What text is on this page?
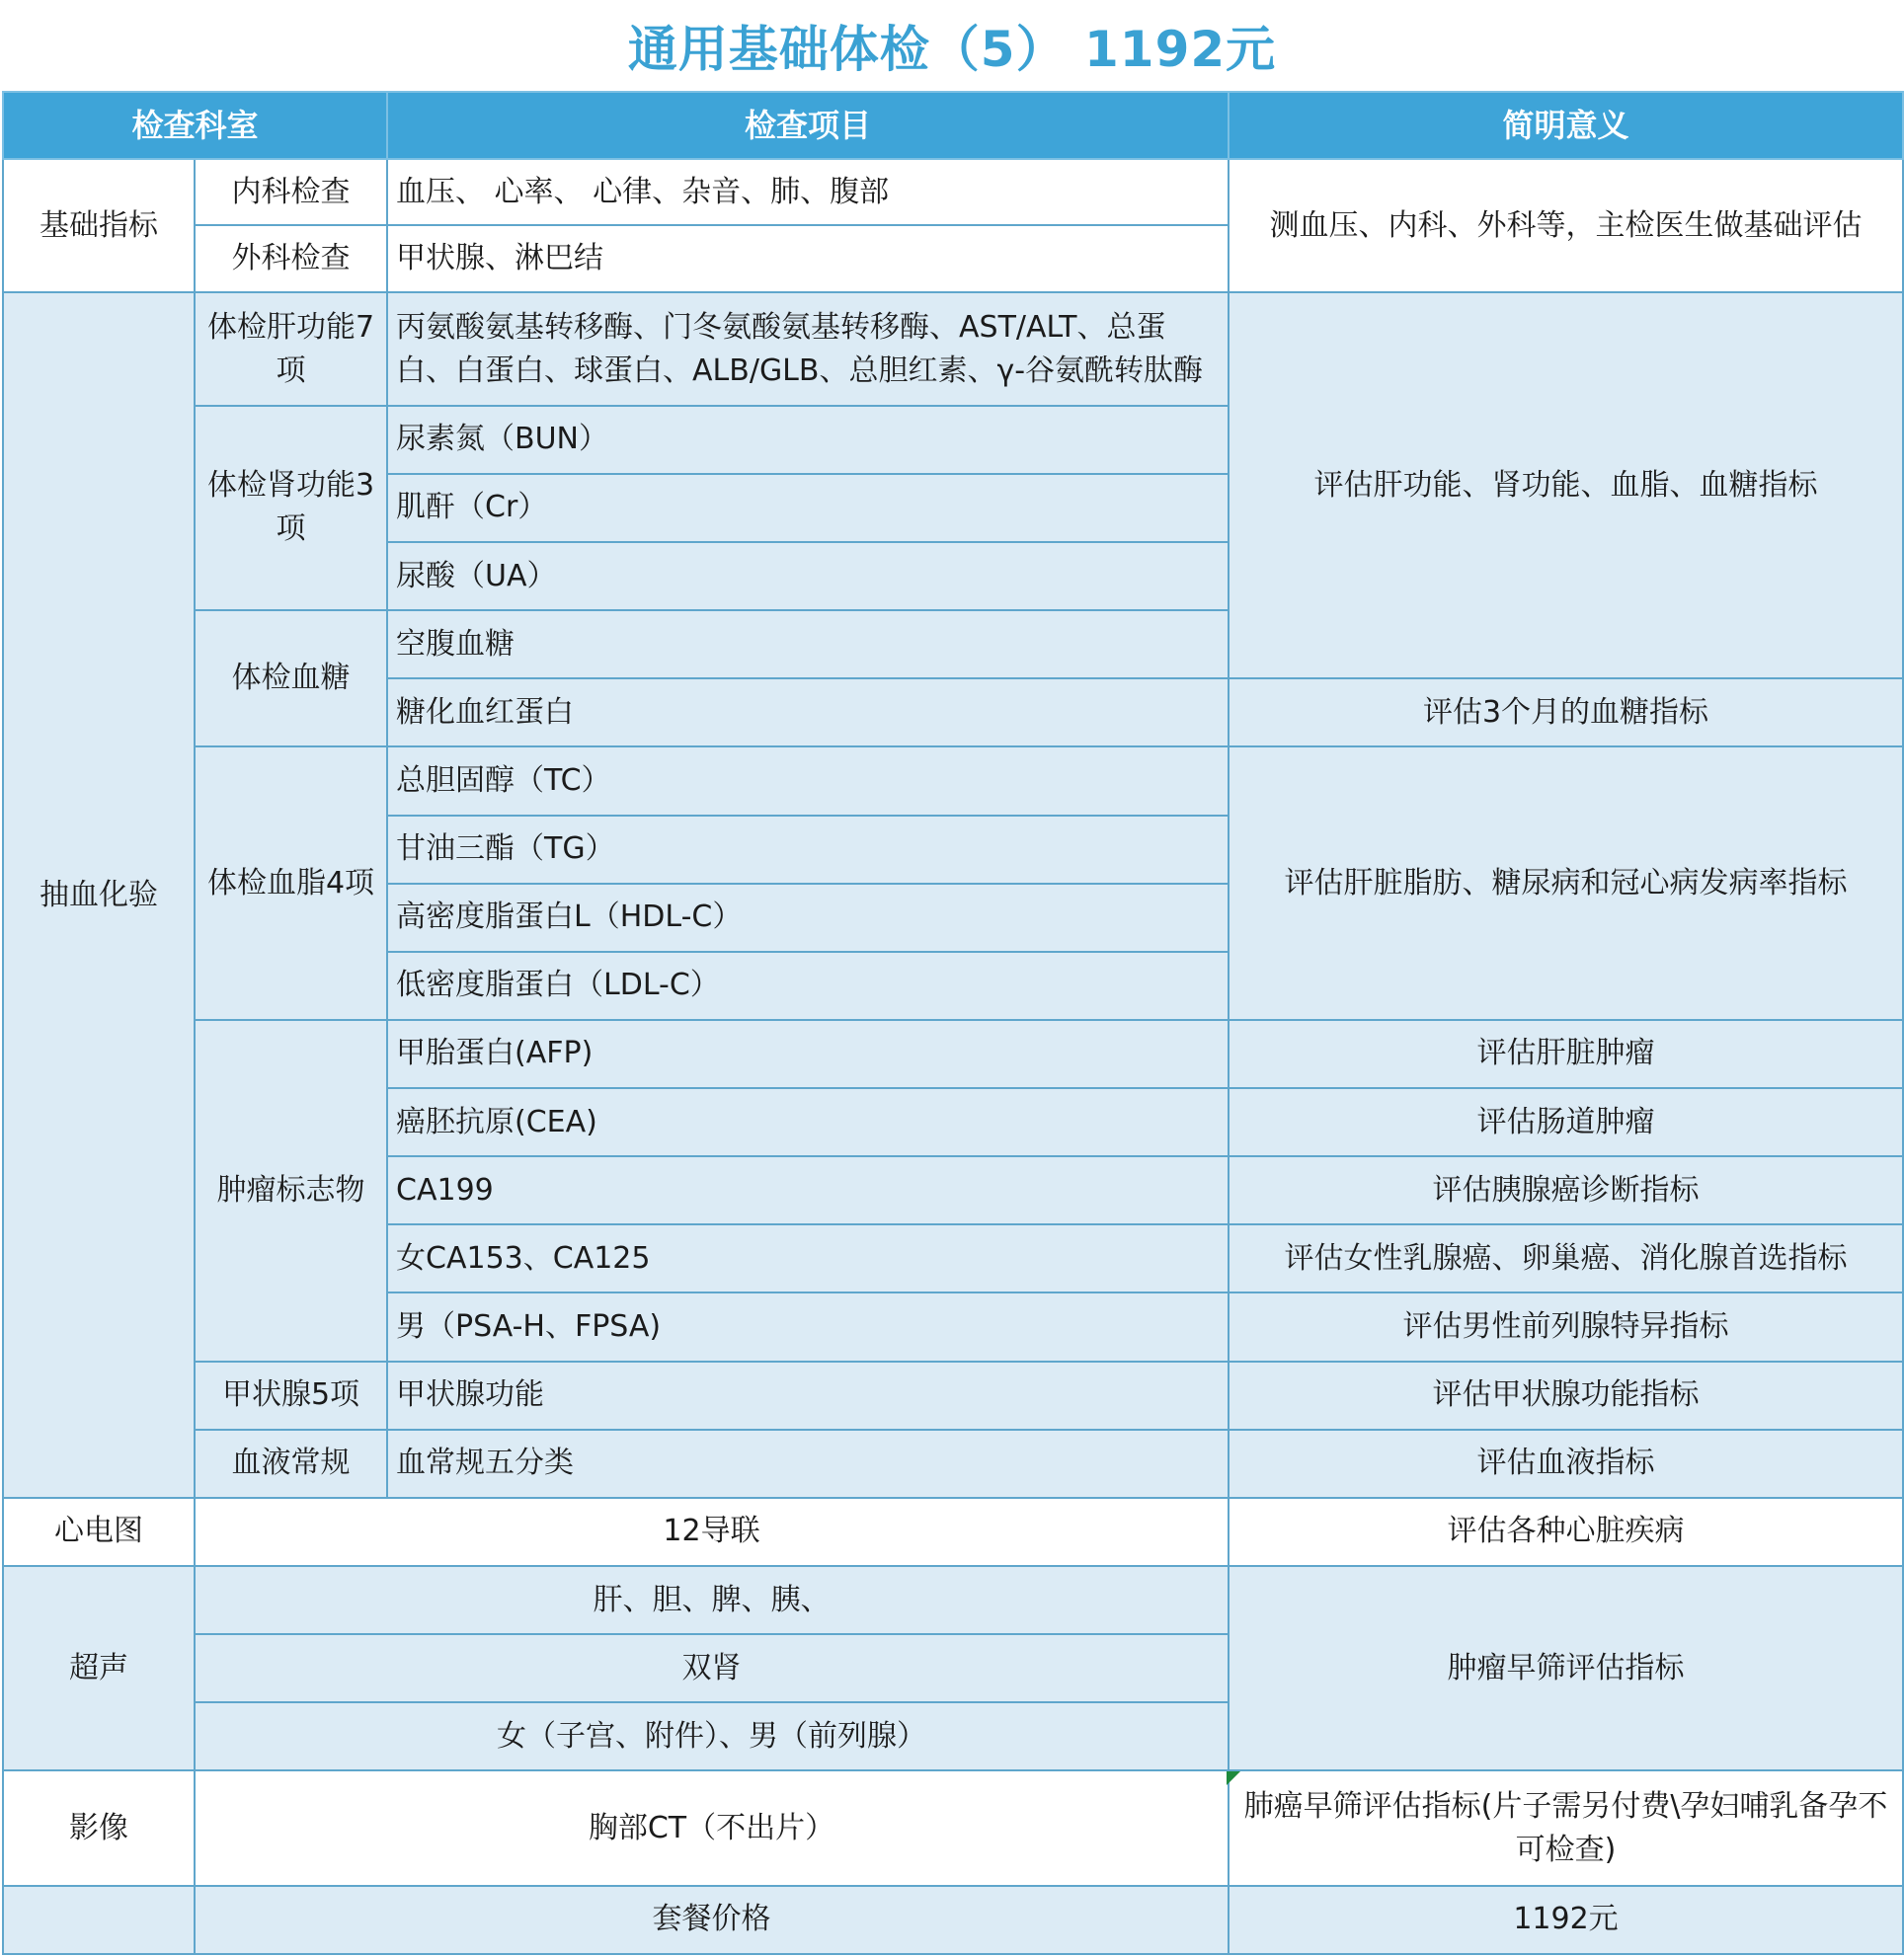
通用基础体检（5） 1192元
检查科室		检查项目	简明意义
基础指标	内科检查	血压、 心率、 心律、杂音、肺、腹部	测血压、内科、外科等，主检医生做基础评估
	外科检查	甲状腺、淋巴结	
抽血化验	体检肝功能7项	丙氨酸氨基转移酶、门冬氨酸氨基转移酶、AST/ALT、总蛋白、白蛋白、球蛋白、ALB/GLB、总胆红素、γ-谷氨酰转肽酶	评估肝功能、肾功能、血脂、血糖指标
	体检肾功能3项	尿素氮（BUN）	
		肌酐（Cr）	
		尿酸（UA）	
	体检血糖	空腹血糖	
		糖化血红蛋白	评估3个月的血糖指标
	体检血脂4项	总胆固醇（TC）	评估肝脏脂肪、糖尿病和冠心病发病率指标
		甘油三酯（TG）	
		高密度脂蛋白L（HDL-C）	
		低密度脂蛋白（LDL-C）	
	肿瘤标志物	甲胎蛋白(AFP)	评估肝脏肿瘤
		癌胚抗原(CEA)	评估肠道肿瘤
		CA199	评估胰腺癌诊断指标
		女CA153、CA125	评估女性乳腺癌、卵巢癌、消化腺首选指标
		男（PSA-H、FPSA)	评估男性前列腺特异指标
	甲状腺5项	甲状腺功能	评估甲状腺功能指标
	血液常规	血常规五分类	评估血液指标
心电图	12导联		评估各种心脏疾病
超声	肝、胆、脾、胰、		肿瘤早筛评估指标
	双肾		
	女（子宫、附件）、男（前列腺）		
影像	胸部CT（不出片）		肺癌早筛评估指标(片子需另付费\孕妇哺乳备孕不可检查)
	套餐价格		1192元
